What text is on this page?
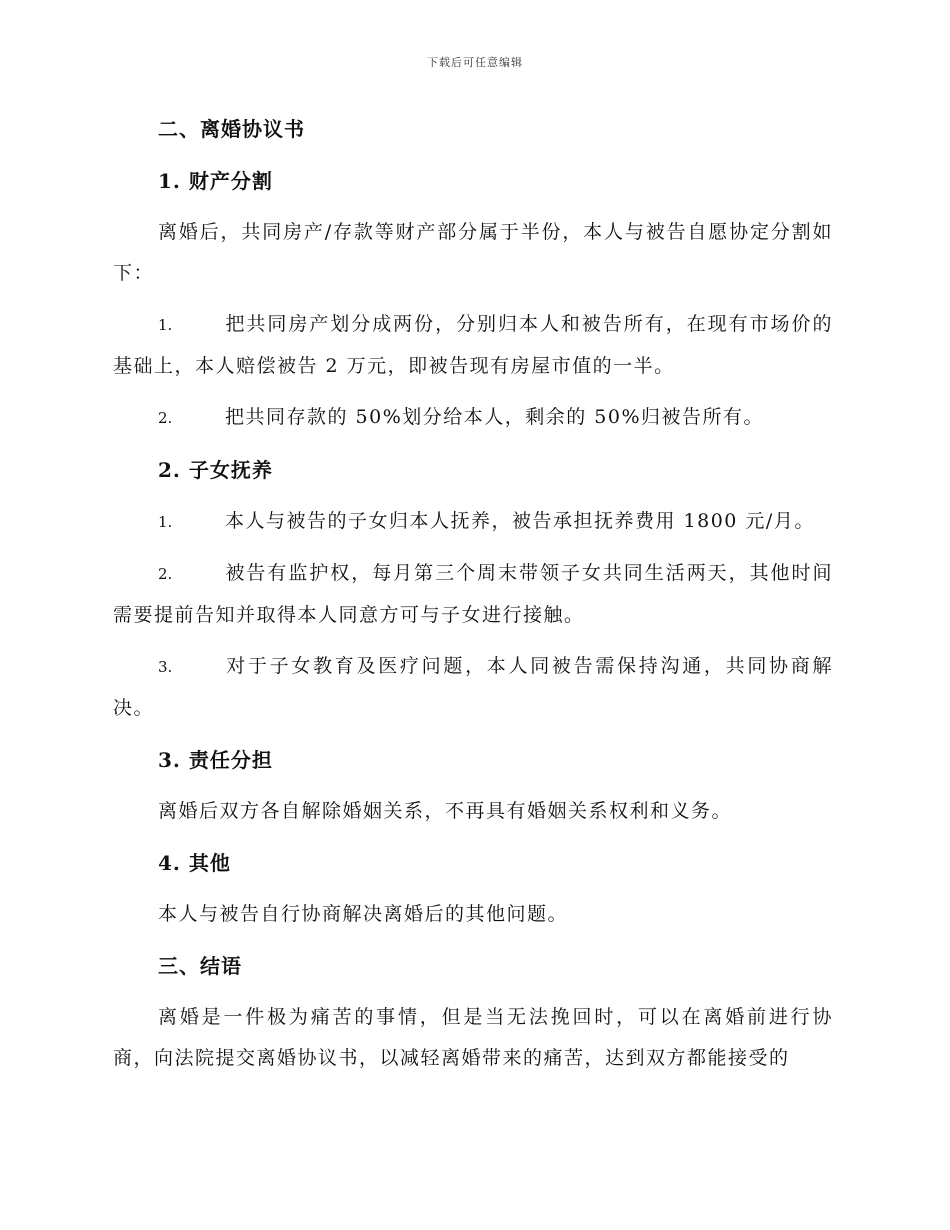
下载后可任意编辑
二、离婚协议书
1. 财产分割

离婚后，共同房产/存款等财产部分属于半份，本人与被告自愿协定分割如下：

1.	把共同房产划分成两份，分别归本人和被告所有，在现有市场价的基础上，本人赔偿被告 2 万元，即被告现有房屋市值的一半。

2.	把共同存款的 50%划分给本人，剩余的 50%归被告所有。

2. 子女抚养

1.	本人与被告的子女归本人抚养，被告承担抚养费用 1800 元/月。

2.	被告有监护权，每月第三个周末带领子女共同生活两天，其他时间需要提前告知并取得本人同意方可与子女进行接触。

3.	对于子女教育及医疗问题，本人同被告需保持沟通，共同协商解决。

3. 责任分担

离婚后双方各自解除婚姻关系，不再具有婚姻关系权利和义务。

4. 其他

本人与被告自行协商解决离婚后的其他问题。

三、结语

离婚是一件极为痛苦的事情，但是当无法挽回时，可以在离婚前进行协商，向法院提交离婚协议书，以减轻离婚带来的痛苦，达到双方都能接受的
